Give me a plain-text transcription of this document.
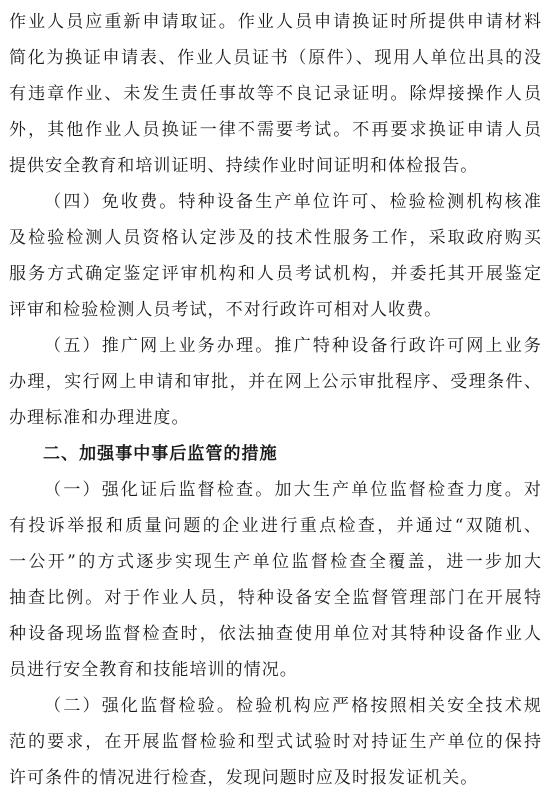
作业人员应重新申请取证。作业人员申请换证时所提供申请材料
简化为换证申请表、作业人员证书（原件）、现用人单位出具的没
有违章作业、未发生责任事故等不良记录证明。除焊接操作人员
外，其他作业人员换证一律不需要考试。不再要求换证申请人员
提供安全教育和培训证明、持续作业时间证明和体检报告。
（四）免收费。特种设备生产单位许可、检验检测机构核准
及检验检测人员资格认定涉及的技术性服务工作，采取政府购买
服务方式确定鉴定评审机构和人员考试机构，并委托其开展鉴定
评审和检验检测人员考试，不对行政许可相对人收费。
（五）推广网上业务办理。推广特种设备行政许可网上业务
办理，实行网上申请和审批，并在网上公示审批程序、受理条件、
办理标准和办理进度。
二、加强事中事后监管的措施
（一）强化证后监督检查。加大生产单位监督检查力度。对
有投诉举报和质量问题的企业进行重点检查，并通过“双随机、
一公开”的方式逐步实现生产单位监督检查全覆盖，进一步加大
抽查比例。对于作业人员，特种设备安全监督管理部门在开展特
种设备现场监督检查时，依法抽查使用单位对其特种设备作业人
员进行安全教育和技能培训的情况。
（二）强化监督检验。检验机构应严格按照相关安全技术规
范的要求，在开展监督检验和型式试验时对持证生产单位的保持
许可条件的情况进行检查，发现问题时应及时报发证机关。
